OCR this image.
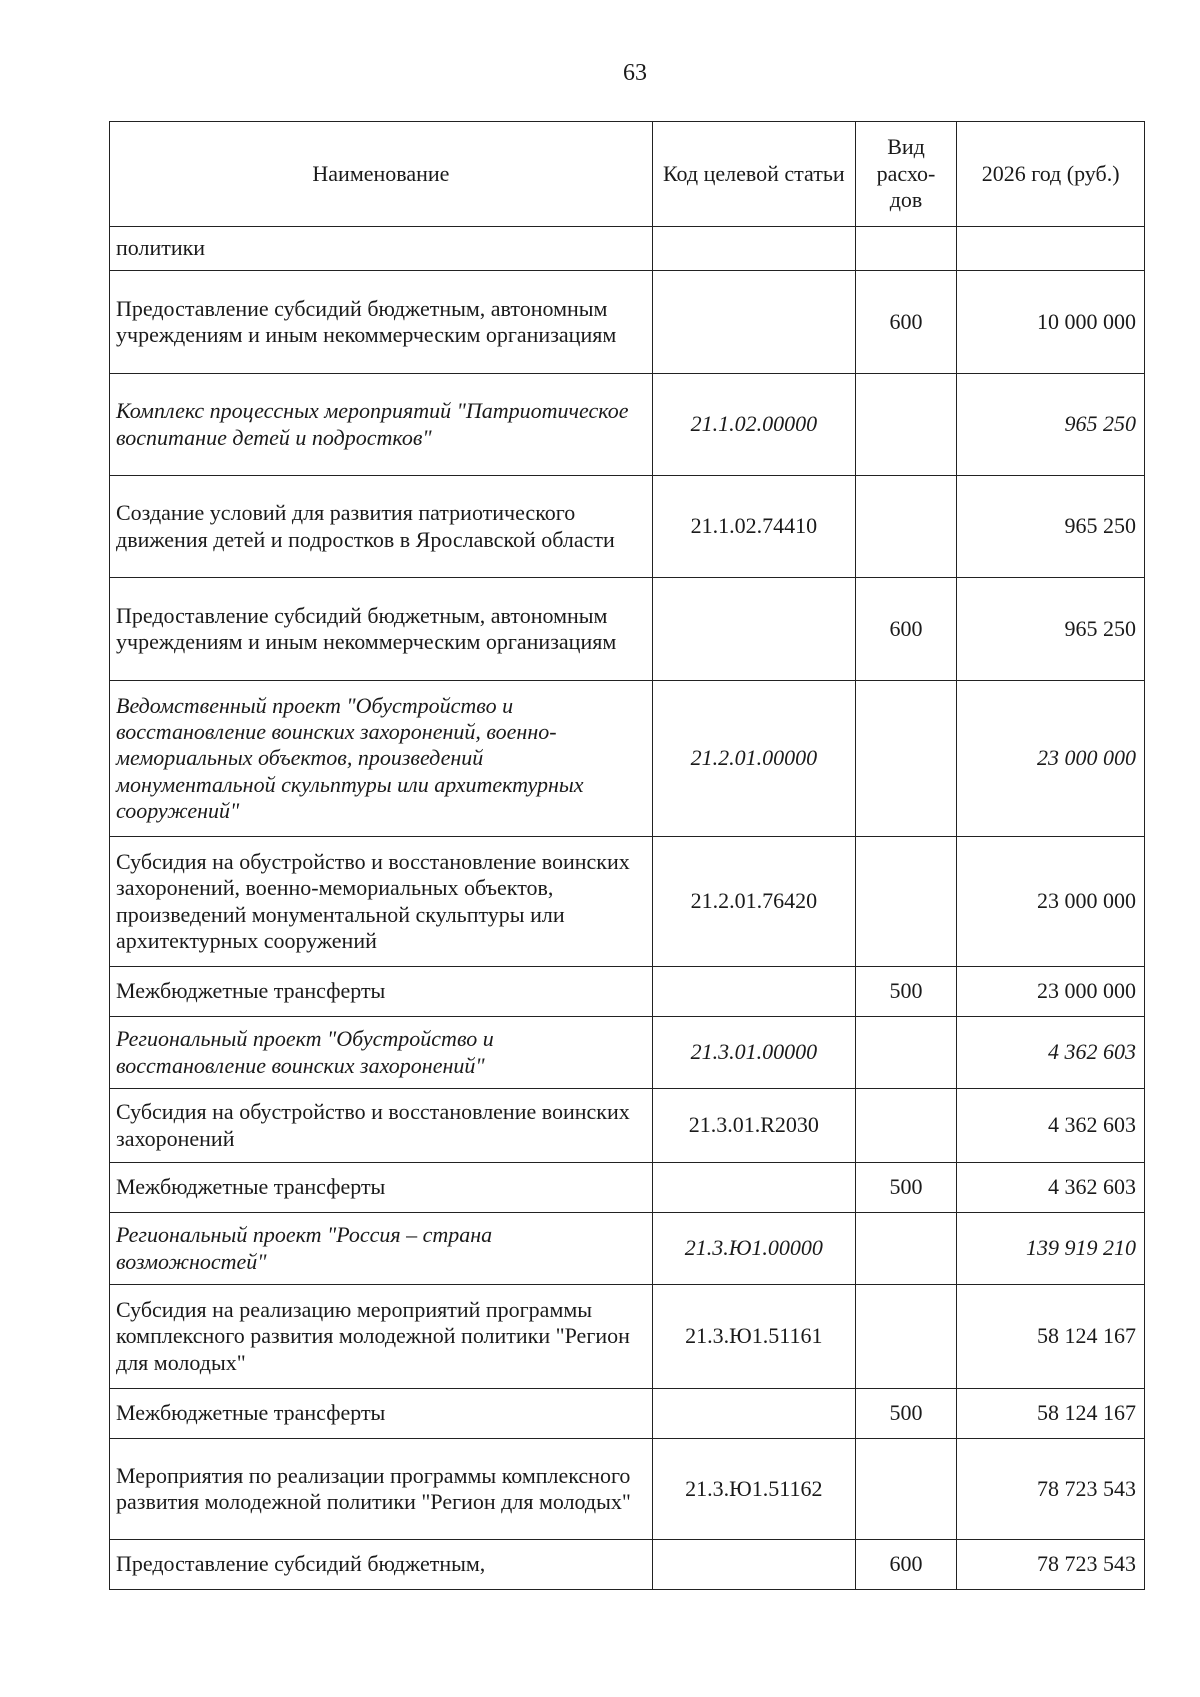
63
Наименование	Код целевой статьи	Вид расхо-дов	2026 год (руб.)
политики			
Предоставление субсидий бюджетным, автономным учреждениям и иным некоммерческим организациям		600	10 000 000
Комплекс процессных мероприятий "Патриотическое воспитание детей и подростков"	21.1.02.00000		965 250
Создание условий для развития патриотического движения детей и подростков в Ярославской области	21.1.02.74410		965 250
Предоставление субсидий бюджетным, автономным учреждениям и иным некоммерческим организациям		600	965 250
Ведомственный проект "Обустройство и восстановление воинских захоронений, военно-мемориальных объектов, произведений монументальной скульптуры или архитектурных сооружений"	21.2.01.00000		23 000 000
Субсидия на обустройство и восстановление воинских захоронений, военно-мемориальных объектов, произведений монументальной скульптуры или архитектурных сооружений	21.2.01.76420		23 000 000
Межбюджетные трансферты		500	23 000 000
Региональный проект "Обустройство и восстановление воинских захоронений"	21.3.01.00000		4 362 603
Субсидия на обустройство и восстановление воинских захоронений	21.3.01.R2030		4 362 603
Межбюджетные трансферты		500	4 362 603
Региональный проект "Россия – страна возможностей"	21.3.Ю1.00000		139 919 210
Субсидия на реализацию мероприятий программы комплексного развития молодежной политики "Регион для молодых"	21.3.Ю1.51161		58 124 167
Межбюджетные трансферты		500	58 124 167
Мероприятия по реализации программы комплексного развития молодежной политики "Регион для молодых"	21.3.Ю1.51162		78 723 543
Предоставление субсидий бюджетным,		600	78 723 543
